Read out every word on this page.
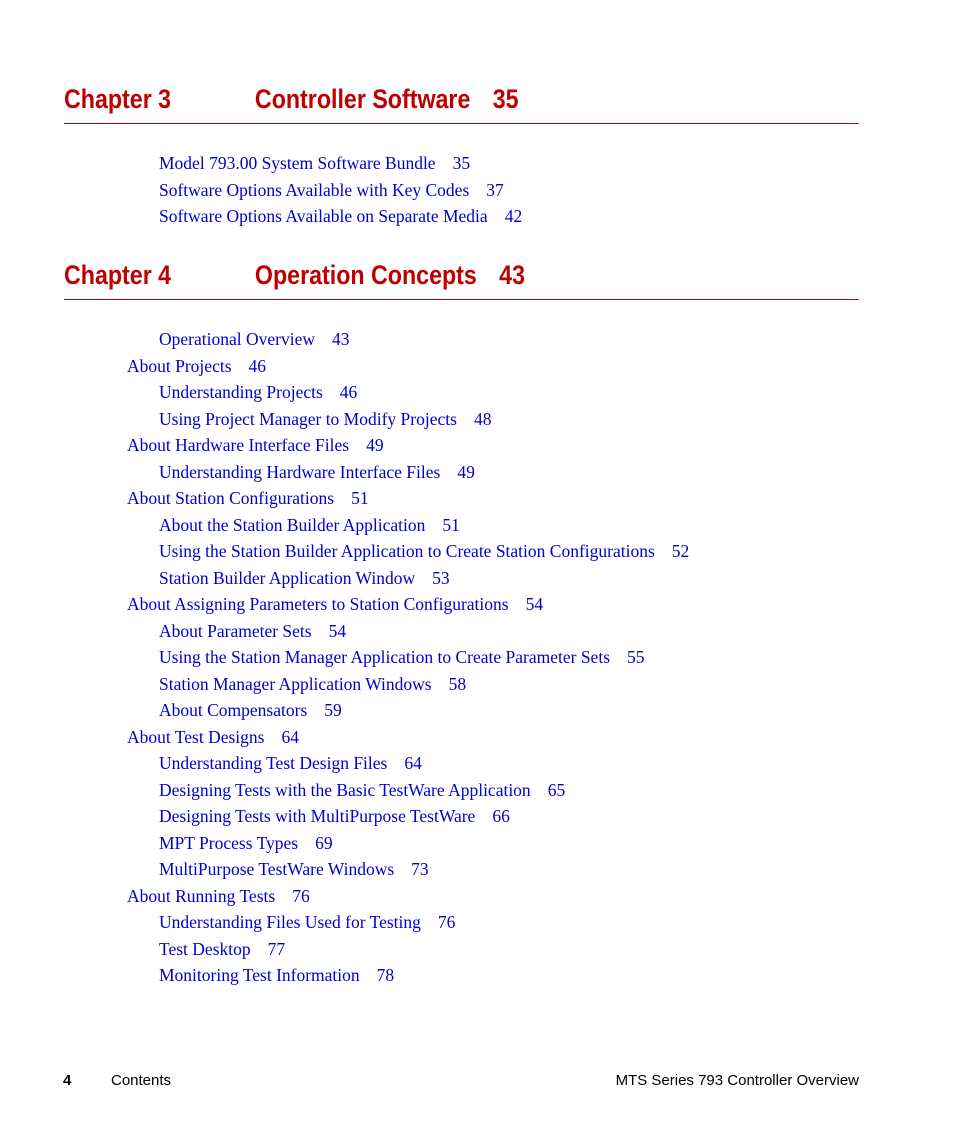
Chapter 3	Controller Software 35
Model 793.00 System Software Bundle 35
Software Options Available with Key Codes 37
Software Options Available on Separate Media 42
Chapter 4	Operation Concepts 43
Operational Overview 43
About Projects 46
Understanding Projects 46
Using Project Manager to Modify Projects 48
About Hardware Interface Files 49
Understanding Hardware Interface Files 49
About Station Configurations 51
About the Station Builder Application 51
Using the Station Builder Application to Create Station Configurations 52
Station Builder Application Window 53
About Assigning Parameters to Station Configurations 54
About Parameter Sets 54
Using the Station Manager Application to Create Parameter Sets 55
Station Manager Application Windows 58
About Compensators 59
About Test Designs 64
Understanding Test Design Files 64
Designing Tests with the Basic TestWare Application 65
Designing Tests with MultiPurpose TestWare 66
MPT Process Types 69
MultiPurpose TestWare Windows 73
About Running Tests 76
Understanding Files Used for Testing 76
Test Desktop 77
Monitoring Test Information 78
4	Contents	MTS Series 793 Controller Overview
